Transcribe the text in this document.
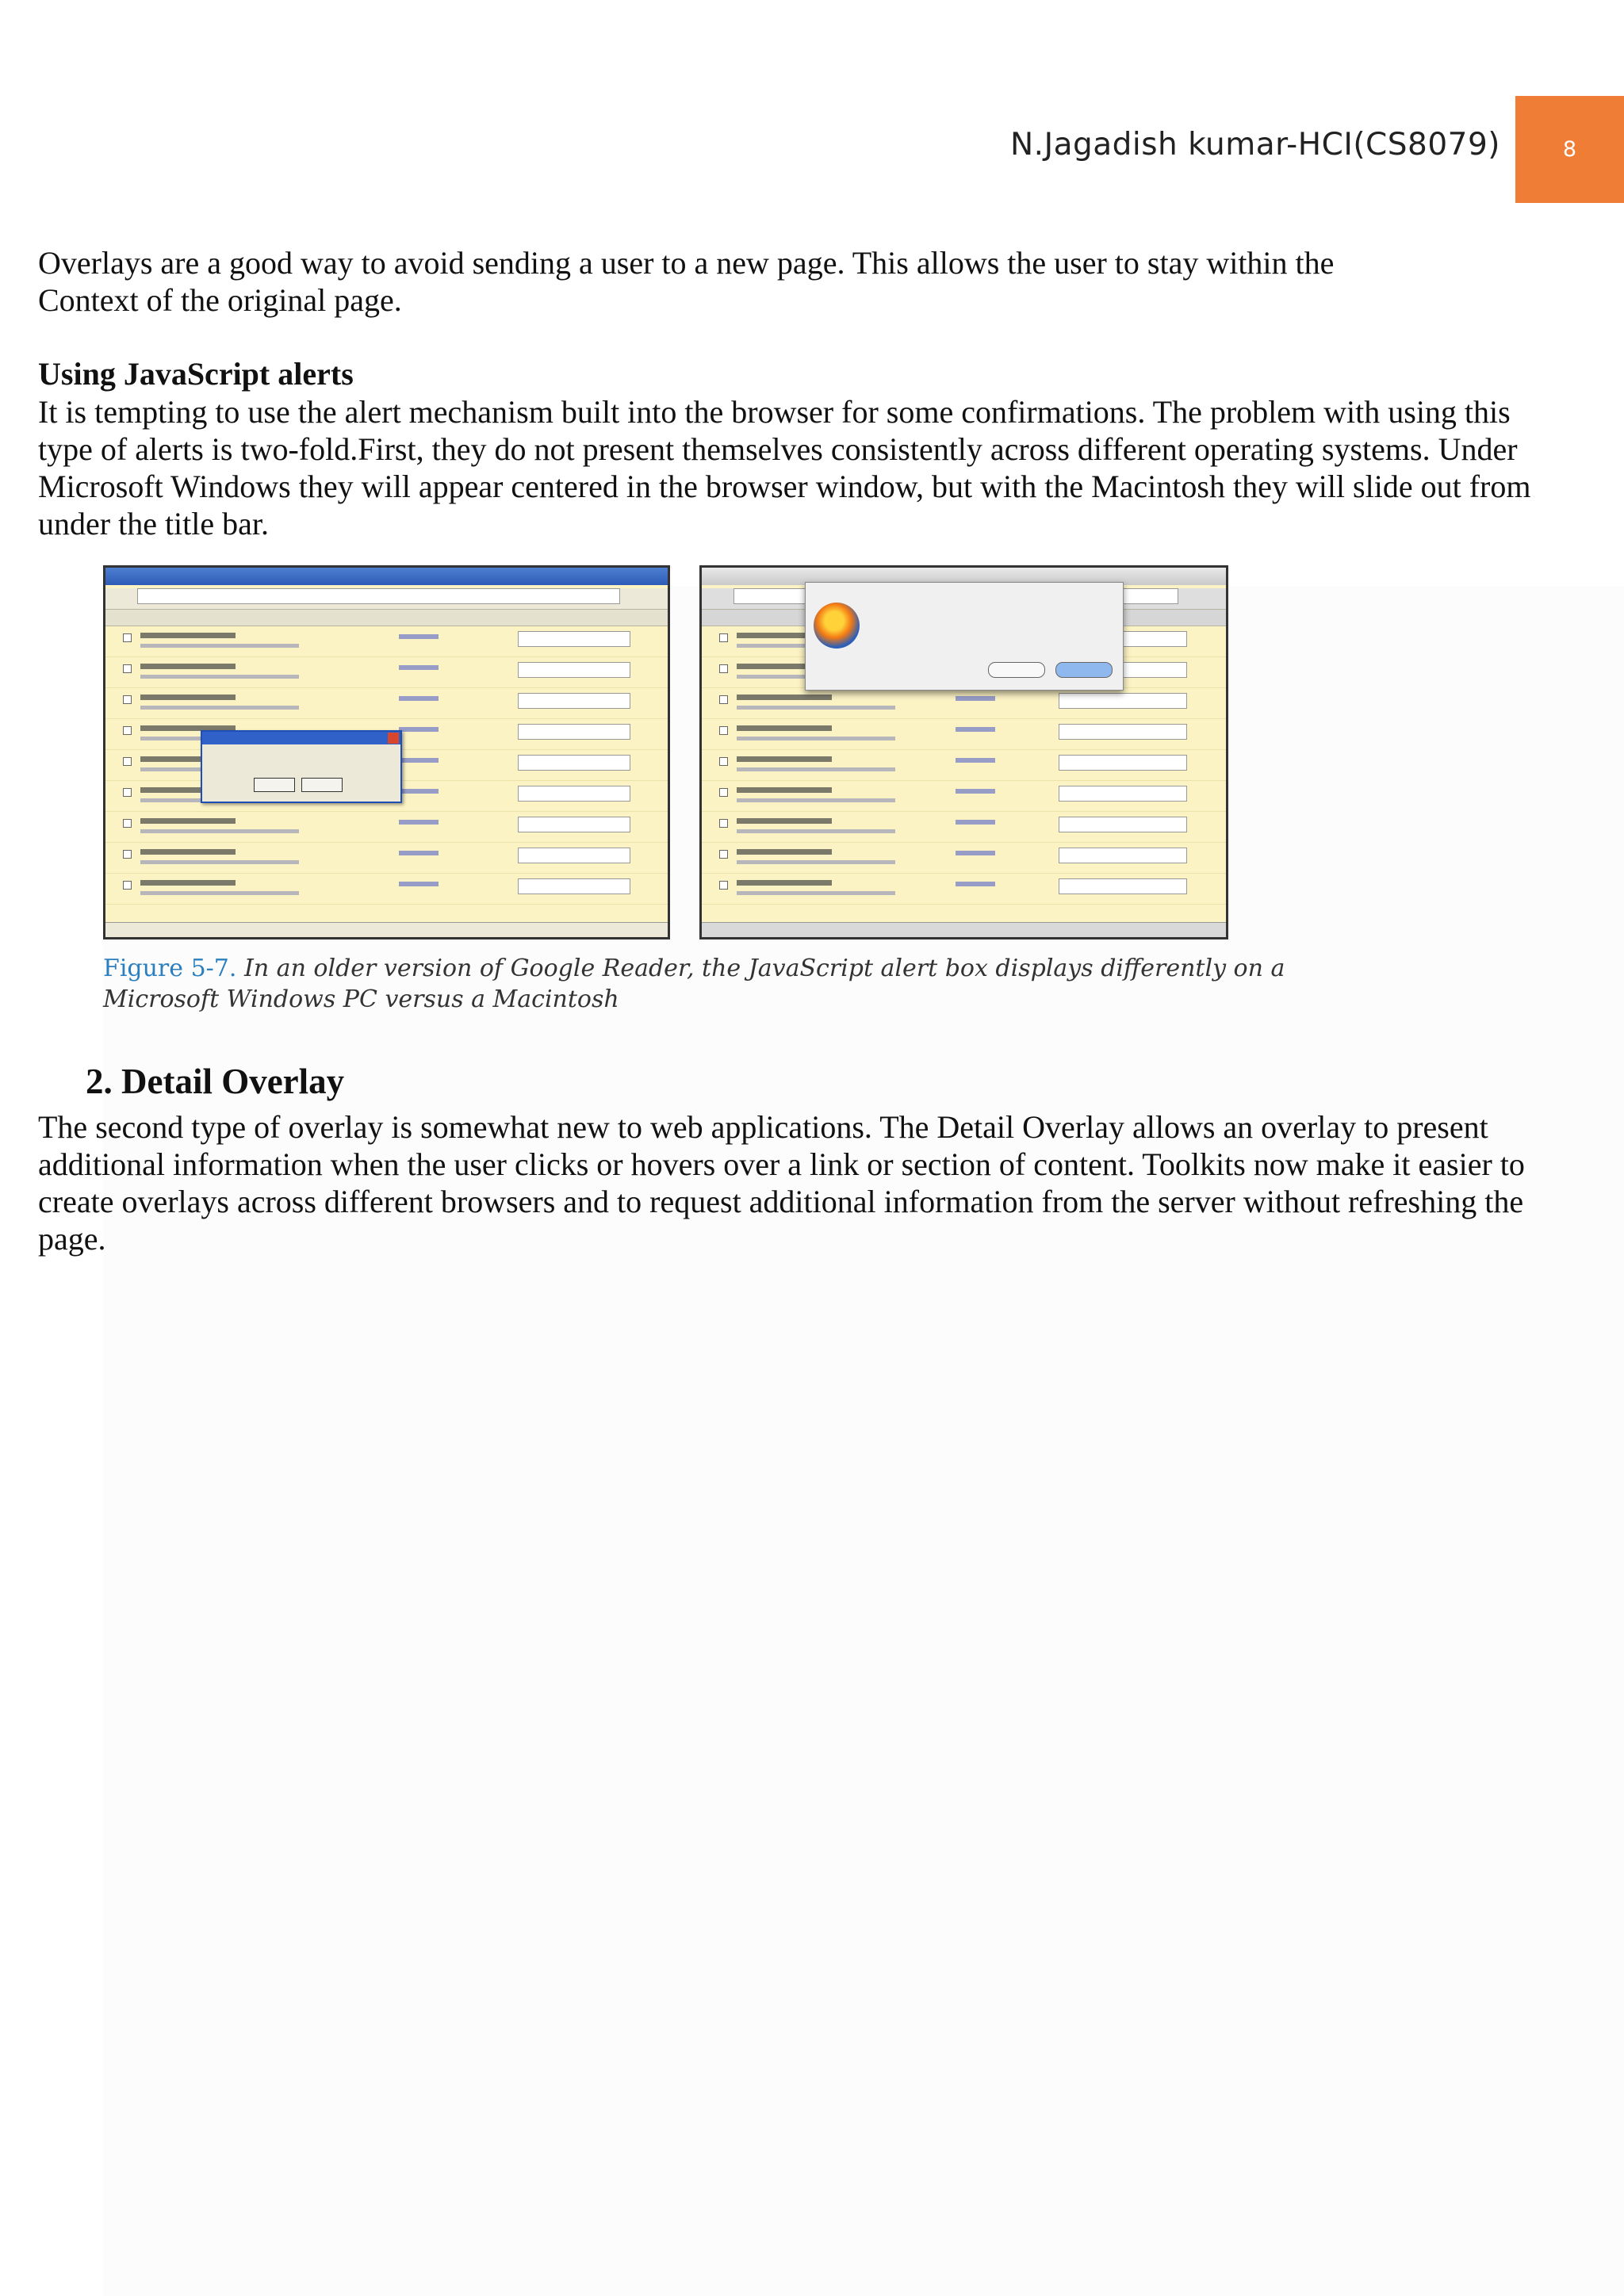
N.Jagadish kumar-HCI(CS8079)	8

Overlays are a good way to avoid sending a user to a new page. This allows the user to stay within the

Context of the original page.

Using JavaScript alerts

It is tempting to use the alert mechanism built into the browser for some confirmations. The problem with using this

type of alerts is two-fold.First, they do not present themselves consistently across different operating systems. Under

Microsoft Windows they will appear centered in the browser window, but with the Macintosh they will slide out from

under the title bar.

Figure 5-7. In an older version of Google Reader, the JavaScript alert box displays differently on a
Microsoft Windows PC versus a Macintosh
2. Detail Overlay

The second type of overlay is somewhat new to web applications. The Detail Overlay allows an overlay to present

additional information when the user clicks or hovers over a link or section of content. Toolkits now make it easier to

create overlays across different browsers and to request additional information from the server without refreshing the

page.
